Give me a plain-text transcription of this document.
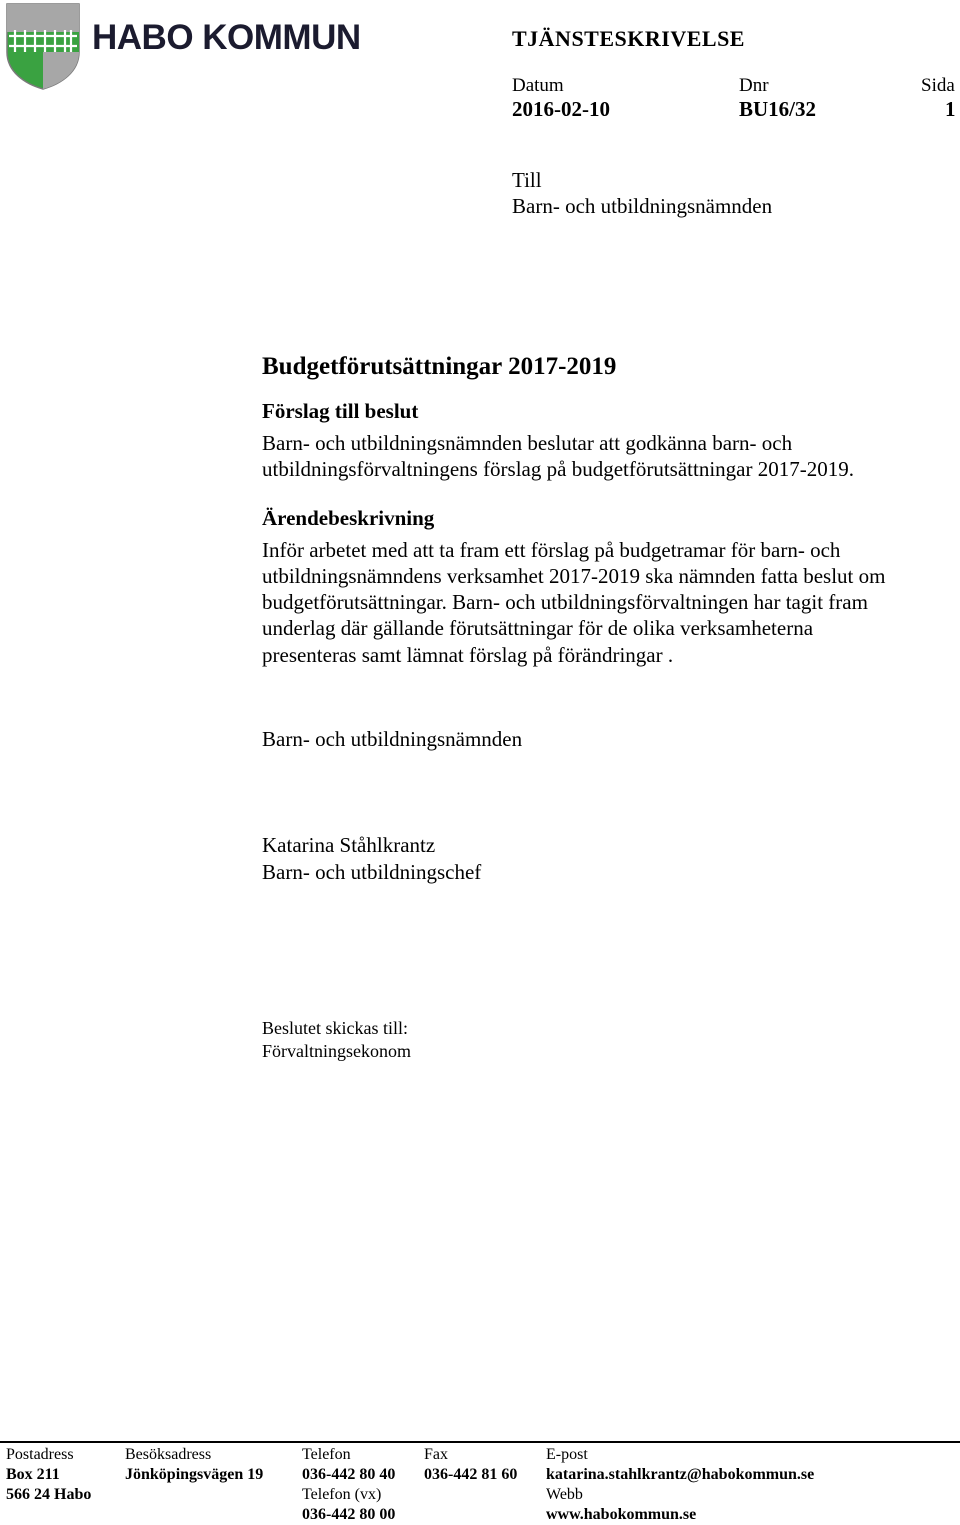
HABO KOMMUN	TJÄNSTESKRIVELSE
Datum
2016-02-10
Dnr
BU16/32
Sida
1
Till
Barn- och utbildningsnämnden
Budgetförutsättningar 2017-2019
Förslag till beslut

Barn- och utbildningsnämnden beslutar att godkänna barn- och
utbildningsförvaltningens förslag på budgetförutsättningar 2017-2019.

Ärendebeskrivning

Inför arbetet med att ta fram ett förslag på budgetramar för barn- och
utbildningsnämndens verksamhet 2017-2019 ska nämnden fatta beslut om
budgetförutsättningar. Barn- och utbildningsförvaltningen har tagit fram
underlag där gällande förutsättningar för de olika verksamheterna
presenteras samt lämnat förslag på förändringar .

Barn- och utbildningsnämnden
Katarina Ståhlkrantz
Barn- och utbildningschef
Beslutet skickas till:
Förvaltningsekonom
Postadress
Box 211
566 24 Habo
Besöksadress
Jönköpingsvägen 19
Telefon
036-442 80 40
Telefon (vx)
036-442 80 00
Fax
036-442 81 60
E-post
katarina.stahlkrantz@habokommun.se
Webb
www.habokommun.se
